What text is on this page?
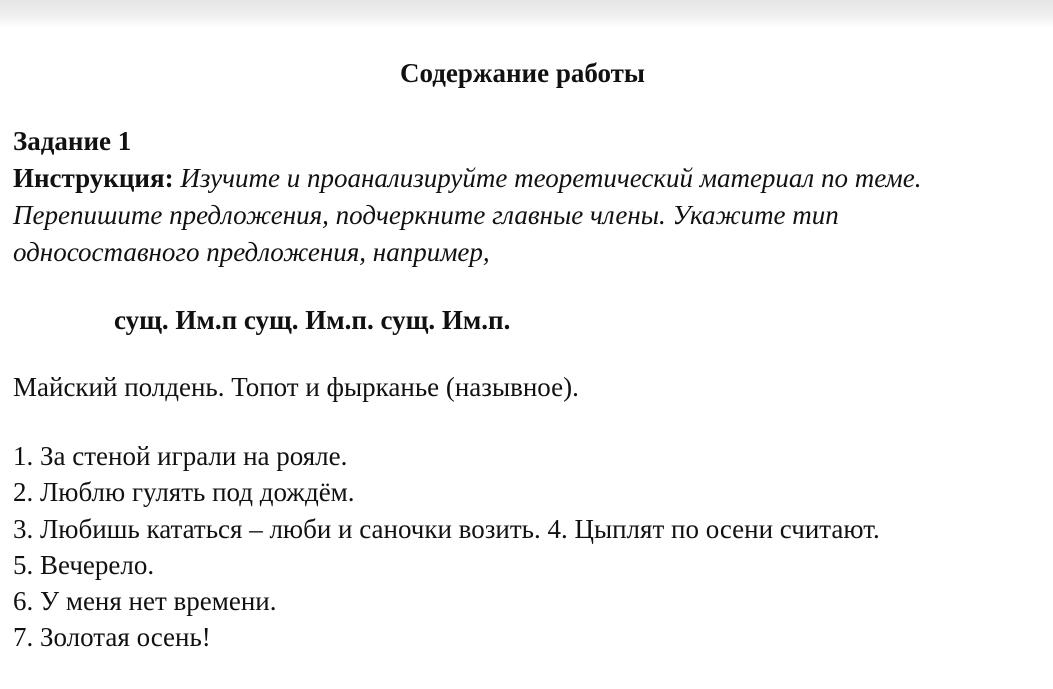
Содержание работы
Задание 1

Инструкция: Изучите и проанализируйте теоретический материал по теме. Перепишите предложения, подчеркните главные члены. Укажите тип односоставного предложения, например,

сущ. Им.п сущ. Им.п. сущ. Им.п.

Майский полдень. Топот и фырканье (назывное).

1. За стеной играли на рояле.
2. Люблю гулять под дождём.
3. Любишь кататься – люби и саночки возить. 4. Цыплят по осени считают.
5. Вечерело.
6. У меня нет времени.
7. Золотая осень!
